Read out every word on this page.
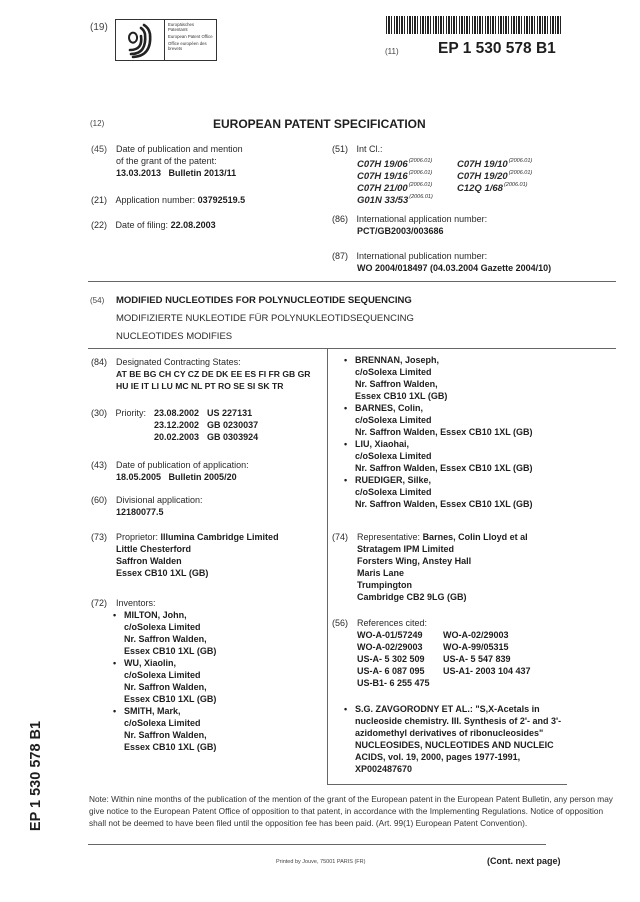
(19)	Europäisches Patentamt
European Patent Office
Office européen des brevets	(11)	EP 1 530 578 B1
(12)	EUROPEAN PATENT SPECIFICATION
(45) Date of publication and mention
of the grant of the patent:
13.03.2013   Bulletin 2013/11
(21) Application number: 03792519.5
(22) Date of filing: 22.08.2003
(51) Int Cl.:
C07H $19/06^{(2006.01)}$	C07H $19/10^{(2006.01)}$
C07H $19/16^{(2006.01)}$	C07H $19/20^{(2006.01)}$
C07H $21/00^{(2006.01)}$	C12Q $1/68^{(2006.01)}$
G01N $33/53^{(2006.01)}$
(86) International application number:
PCT/GB2003/003686
(87) International publication number:
WO 2004/018497 (04.03.2004 Gazette 2004/10)
(54) MODIFIED NUCLEOTIDES FOR POLYNUCLEOTIDE SEQUENCING
MODIFIZIERTE NUKLEOTIDE FÜR POLYNUKLEOTIDSEQUENCING
NUCLEOTIDES MODIFIES
(84) Designated Contracting States:
AT BE BG CH CY CZ DE DK EE ES FI FR GB GR
HU IE IT LI LU MC NL PT RO SE SI SK TR
(30) Priority: 23.08.2002 US 227131
23.12.2002 GB 0230037
20.02.2003 GB 0303924
(43) Date of publication of application:
18.05.2005   Bulletin 2005/20
(60) Divisional application:
12180077.5
(73) Proprietor: Illumina Cambridge Limited
Little Chesterford
Saffron Walden
Essex CB10 1XL (GB)
(72) Inventors:
• MILTON, John,
c/oSolexa Limited
Nr. Saffron Walden,
Essex CB10 1XL (GB)
• WU, Xiaolin,
c/oSolexa Limited
Nr. Saffron Walden,
Essex CB10 1XL (GB)
• SMITH, Mark,
c/oSolexa Limited
Nr. Saffron Walden,
Essex CB10 1XL (GB)
• BRENNAN, Joseph,
c/oSolexa Limited
Nr. Saffron Walden,
Essex CB10 1XL (GB)
• BARNES, Colin,
c/oSolexa Limited
Nr. Saffron Walden, Essex CB10 1XL (GB)
• LIU, Xiaohai,
c/oSolexa Limited
Nr. Saffron Walden, Essex CB10 1XL (GB)
• RUEDIGER, Silke,
c/oSolexa Limited
Nr. Saffron Walden, Essex CB10 1XL (GB)
(74) Representative: Barnes, Colin Lloyd et al
Stratagem IPM Limited
Forsters Wing, Anstey Hall
Maris Lane
Trumpington
Cambridge CB2 9LG (GB)
(56) References cited:
WO-A-01/57249 WO-A-02/29003
WO-A-02/29003 WO-A-99/05315
US-A- 5 302 509 US-A- 5 547 839
US-A- 6 087 095 US-A1- 2003 104 437
US-B1- 6 255 475
• S.G. ZAVGORODNY ET AL.: "S,X-Acetals in
nucleoside chemistry. III. Synthesis of 2'- and 3'-
azidomethyl derivatives of ribonucleosides"
NUCLEOSIDES, NUCLEOTIDES AND NUCLEIC
ACIDS, vol. 19, 2000, pages 1977-1991,
XP002487670
EP 1 530 578 B1	Note: Within nine months of the publication of the mention of the grant of the European patent in the European Patent Bulletin, any person may give notice to the European Patent Office of opposition to that patent, in accordance with the Implementing Regulations. Notice of opposition shall not be deemed to have been filed until the opposition fee has been paid. (Art. 99(1) European Patent Convention).
Printed by Jouve, 75001 PARIS (FR)	(Cont. next page)
